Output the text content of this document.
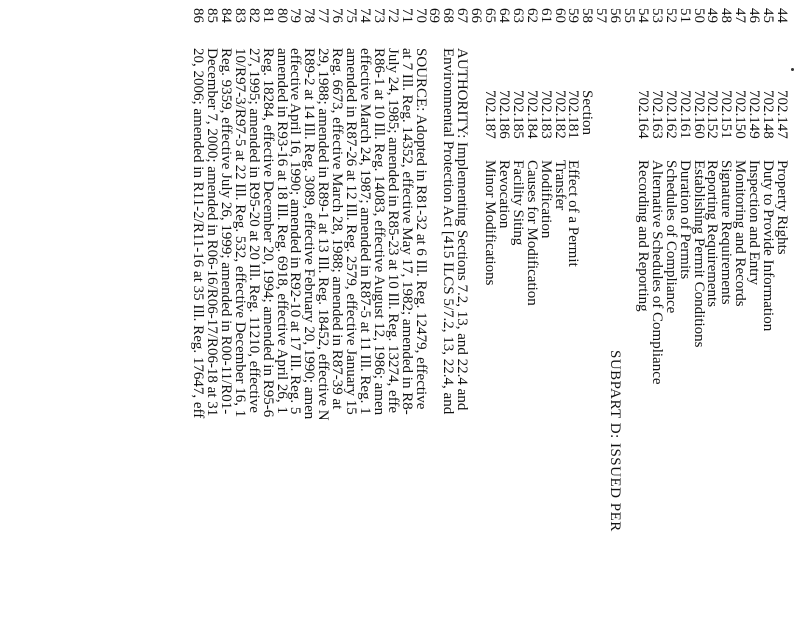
44
702.147
Property Rights
45
702.148
Duty to Provide Information
46
702.149
Inspection and Entry
47
702.150
Monitoring and Records
48
702.151
Signature Requirements
49
702.152
Reporting Requirements
50
702.160
Establishing Permit Conditions
51
702.161
Duration of Permits
52
702.162
Schedules of Compliance
53
702.163
Alternative Schedules of Compliance
54
702.164
Recording and Reporting
55
56
SUBPART D: ISSUED PER
57
58
Section
59
702.181
Effect of a Permit
60
702.182
Transfer
61
702.183
Modification
62
702.184
Causes for Modification
63
702.185
Facility Siting
64
702.186
Revocation
65
702.187
Minor Modifications
66
67
AUTHORITY: Implementing Sections 7.2, 13, and 22.4 and
68
Environmental Protection Act [415 ILCS 5/7.2, 13, 22.4, and
69
70
SOURCE: Adopted in R81-32 at 6 Ill. Reg. 12479, effective
71
at 7 Ill. Reg. 14352, effective May 17, 1982; amended in R8-
72
July 24, 1985; amended in R85-23 at 10 Ill. Reg. 13274, effe
73
R86-1 at 10 Ill. Reg. 14083, effective August 12, 1986; amen
74
effective March 24, 1987; amended in R87-5 at 11 Ill. Reg. 1
75
amended in R87-26 at 12 Ill. Reg. 2579, effective January 15
76
Reg. 6673, effective March 28, 1988; amended in R87-39 at
77
29, 1988; amended in R89-1 at 13 Ill. Reg. 18452, effective N
78
R89-2 at 14 Ill. Reg. 3089, effective February 20, 1990; amen
79
effective April 16, 1990; amended in R92-10 at 17 Ill. Reg. 5
80
amended in R93-16 at 18 Ill. Reg. 6918, effective April 26, 1
81
Reg. 18284, effective December 20, 1994; amended in R95-6
82
27, 1995; amended in R95-20 at 20 Ill. Reg. 11210, effective
83
10/R97-3/R97-5 at 22 Ill. Reg. 532, effective December 16, 1
84
Reg. 9359, effective July 26, 1999; amended in R00-11/R01-
85
December 7, 2000; amended in R06-16/R06-17/R06-18 at 31
86
20, 2006; amended in R11-2/R11-16 at 35 Ill. Reg. 17647, eff
